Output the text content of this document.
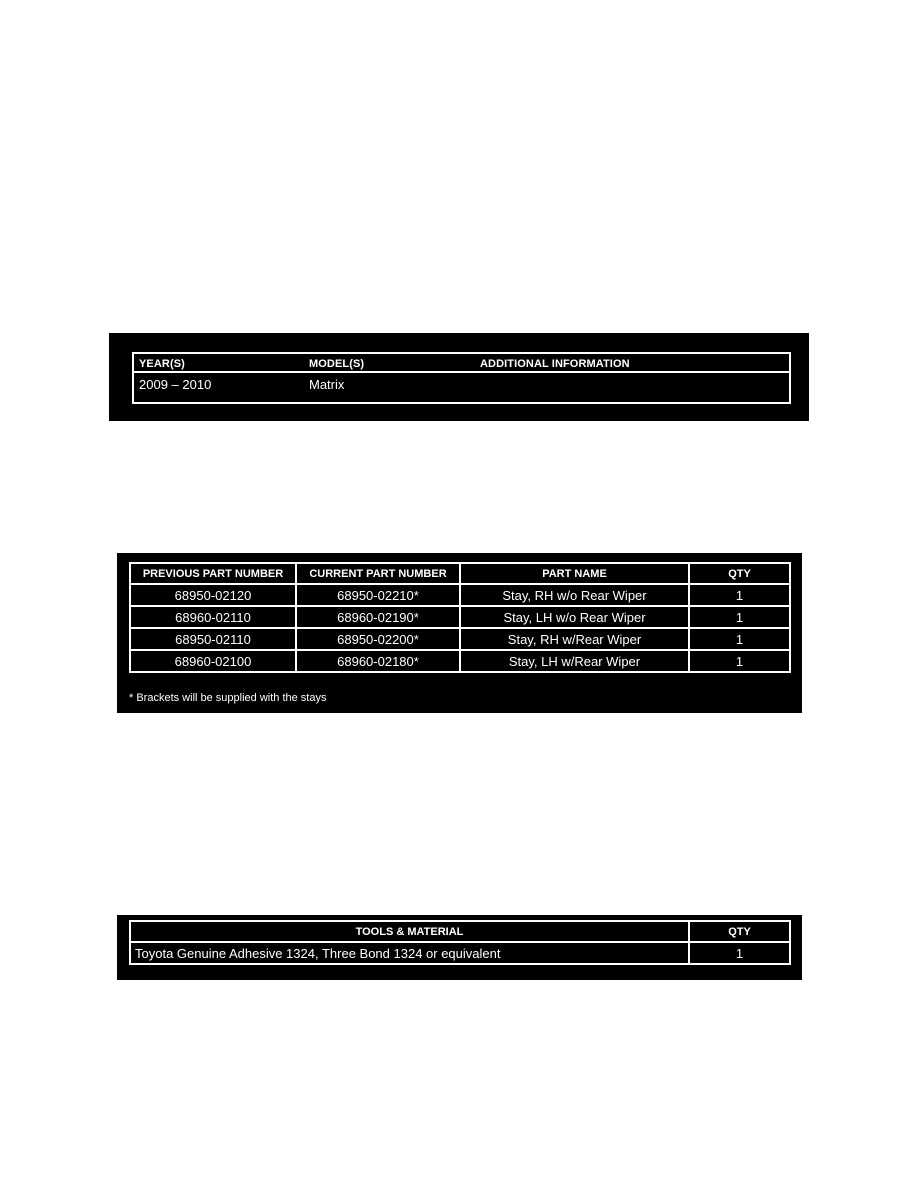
YEAR(S)	MODEL(S)	ADDITIONAL INFORMATION
2009 – 2010	Matrix
PREVIOUS PART NUMBER	CURRENT PART NUMBER	PART NAME	QTY
68950-02120	68950-02210*	Stay, RH w/o Rear Wiper	1
68960-02110	68960-02190*	Stay, LH w/o Rear Wiper	1
68950-02110	68950-02200*	Stay, RH w/Rear Wiper	1
68960-02100	68960-02180*	Stay, LH w/Rear Wiper	1
* Brackets will be supplied with the stays
TOOLS & MATERIAL	QTY
Toyota Genuine Adhesive 1324, Three Bond 1324 or equivalent	1
